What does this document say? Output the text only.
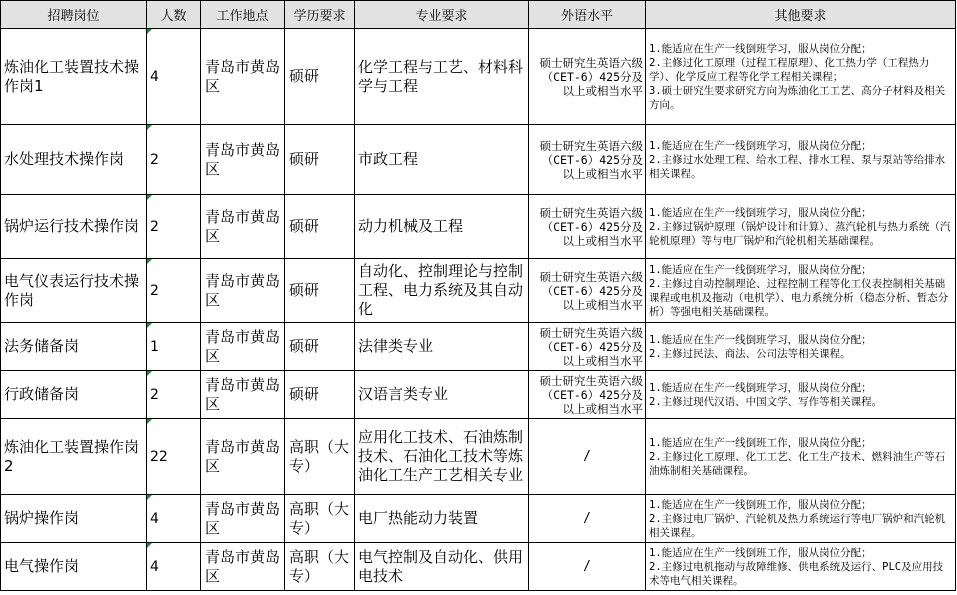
招聘岗位	人数	工作地点	学历要求	专业要求	外语水平	其他要求
炼油化工装置技术操作岗1	4	青岛市黄岛区	硕研	化学工程与工艺、材料科学与工程	硕士研究生英语六级（CET-6）425分及以上或相当水平	1.能适应在生产一线倒班学习，服从岗位分配；
2.主修过化工原理（过程工程原理）、化工热力学（工程热力学）、化学反应工程等化学工程相关课程；
3.硕士研究生要求研究方向为炼油化工工艺、高分子材料及相关方向。

水处理技术操作岗	2	青岛市黄岛区	硕研	市政工程	硕士研究生英语六级（CET-6）425分及以上或相当水平	1.能适应在生产一线倒班学习，服从岗位分配；
2.主修过水处理工程、给水工程、排水工程、泵与泵站等给排水相关课程。

锅炉运行技术操作岗	2	青岛市黄岛区	硕研	动力机械及工程	硕士研究生英语六级（CET-6）425分及以上或相当水平	1.能适应在生产一线倒班学习，服从岗位分配；
2.主修过锅炉原理（锅炉设计和计算）、蒸汽轮机与热力系统（汽轮机原理）等与电厂锅炉和汽轮机相关基础课程。

电气仪表运行技术操作岗	2	青岛市黄岛区	硕研	自动化、控制理论与控制工程、电力系统及其自动化	硕士研究生英语六级（CET-6）425分及以上或相当水平	1.能适应在生产一线倒班学习，服从岗位分配；
2.主修过自动控制理论、过程控制工程等化工仪表控制相关基础课程或电机及拖动（电机学）、电力系统分析（稳态分析、暂态分析）等强电相关基础课程。

法务储备岗	1	青岛市黄岛区	硕研	法律类专业	硕士研究生英语六级（CET-6）425分及以上或相当水平	1.能适应在生产一线倒班学习，服从岗位分配；
2.主修过民法、商法、公司法等相关课程。

行政储备岗	2	青岛市黄岛区	硕研	汉语言类专业	硕士研究生英语六级（CET-6）425分及以上或相当水平	1.能适应在生产一线倒班学习，服从岗位分配；
2.主修过现代汉语、中国文学、写作等相关课程。

炼油化工装置操作岗2	22	青岛市黄岛区	高职（大专）	应用化工技术、石油炼制技术、石油化工技术等炼油化工生产工艺相关专业	/	1.能适应在生产一线倒班工作，服从岗位分配；
2.主修过化工原理、化工工艺、化工生产技术、燃料油生产等石油炼制相关基础课程。

锅炉操作岗	4	青岛市黄岛区	高职（大专）	电厂热能动力装置	/	1.能适应在生产一线倒班工作，服从岗位分配；
2.主修过电厂锅炉、汽轮机及热力系统运行等电厂锅炉和汽轮机相关课程。

电气操作岗	4	青岛市黄岛区	高职（大专）	电气控制及自动化、供用电技术	/	1.能适应在生产一线倒班工作，服从岗位分配；
2.主修过电机拖动与故障维修、供电系统及运行、PLC及应用技术等电气相关课程。
